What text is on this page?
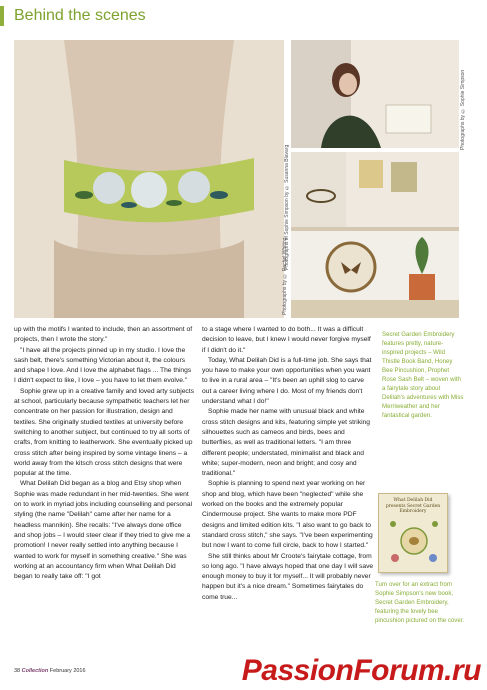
Behind the scenes
Photographs of Sophie Simpson by © Susanna Blavarg
Photographs by © Sophie Simpson
Photographs by © Rachel Whiting

up with the motifs I wanted to include, then an assortment of projects, then I wrote the story."

"I have all the projects pinned up in my studio. I love the sash belt, there's something Victorian about it, the colours and shape I love. And I love the alphabet flags ... The things I didn't expect to like, I love – you have to let them evolve."

Sophie grew up in a creative family and loved arty subjects at school, particularly because sympathetic teachers let her concentrate on her passion for illustration, design and textiles. She originally studied textiles at university before switching to another subject, but continued to try all sorts of crafts, from knitting to leatherwork. She eventually picked up cross stitch after being inspired by some vintage linens – a world away from the kitsch cross stitch designs that were popular at the time.

What Delilah Did began as a blog and Etsy shop when Sophie was made redundant in her mid-twenties. She went on to work in myriad jobs including counselling and personal styling (the name "Delilah" came after her name for a headless mannikin). She recalls: "I've always done office and shop jobs – I would steer clear if they tried to give me a promotion! I never really settled into anything because I wanted to work for myself in something creative." She was working at an accountancy firm when What Delilah Did began to really take off: "I got

to a stage where I wanted to do both... It was a difficult decision to leave, but I knew I would never forgive myself if I didn't do it."

Today, What Delilah Did is a full-time job. She says that you have to make your own opportunities when you want to live in a rural area – "It's been an uphill slog to carve out a career living where I do. Most of my friends don't understand what I do!"

Sophie made her name with unusual black and white cross stitch designs and kits, featuring simple yet striking silhouettes such as cameos and birds, bees and butterflies, as well as traditional letters. "I am three different people; understated, minimalist and black and white; super-modern, neon and bright; and cosy and traditional."

Sophie is planning to spend next year working on her shop and blog, which have been "neglected" while she worked on the books and the extremely popular Cindermouse project. She wants to make more PDF designs and limited edition kits. "I also want to go back to standard cross stitch," she says. "I've been experimenting but now I want to come full circle, back to how I started."

She still thinks about Mr Croote's fairytale cottage, from so long ago. "I have always hoped that one day I will save enough money to buy it for myself... It will probably never happen but it's a nice dream." Sometimes fairytales do come true...

Secret Garden Embroidery features pretty, nature-inspired projects – Wild Thistle Book Band, Honey Bee Pincushion, Prophet Rose Sash Belt – woven with a fairytale story about Delilah's adventures with Miss Merriweather and her fantastical garden.
What Delilah Did presents Secret Garden Embroidery
Turn over for an extract from Sophie Simpson's new book, Secret Garden Embroidery, featuring the lovely bee pincushion pictured on the cover.
38 Collection February 2016	PassionForum.ru
